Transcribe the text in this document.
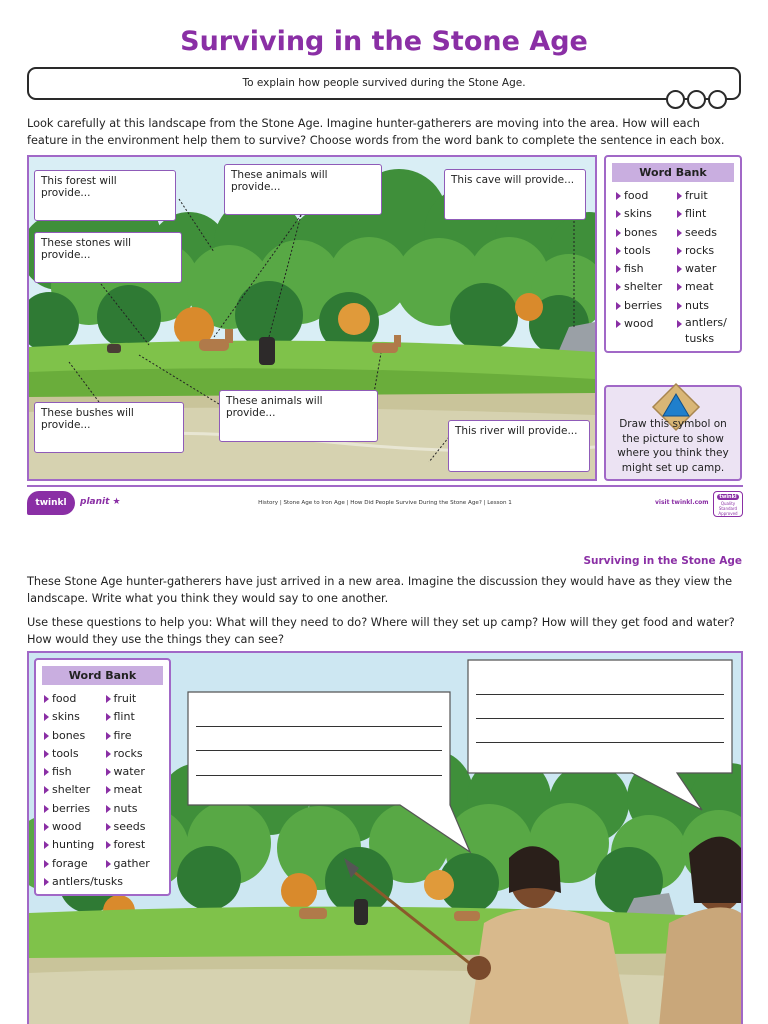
Surviving in the Stone Age
To explain how people survived during the Stone Age.
Look carefully at this landscape from the Stone Age. Imagine hunter-gatherers are moving into the area. How will each feature in the environment help them to survive? Choose words from the word bank to complete the sentence in each box.
This forest will provide...
These animals will provide...
This cave will provide...
These stones will provide...
These bushes will provide...
These animals will provide...
This river will provide...
Word Bank
food	fruit
skins	flint
bones	seeds
tools	rocks
fish	water
shelter meat
berries nuts
wood	antlers/ tusks
Draw this symbol on the picture to show where you think they might set up camp.
twinkl	planit ★	History | Stone Age to Iron Age | How Did People Survive During the Stone Age? | Lesson 1	visit twinkl.com
twinkl
Quality Standard Approved
Surviving in the Stone Age
These Stone Age hunter-gatherers have just arrived in a new area. Imagine the discussion they would have as they view the landscape. Write what you think they would say to one another.
Use these questions to help you: What will they need to do? Where will they set up camp? How will they get food and water? How would they use the things they can see?
Word Bank
food	fruit
skins	flint
bones	fire
tools	rocks
fish	water
shelter meat
berries nuts
wood	seeds
hunting forest
forage gather
antlers/tusks
